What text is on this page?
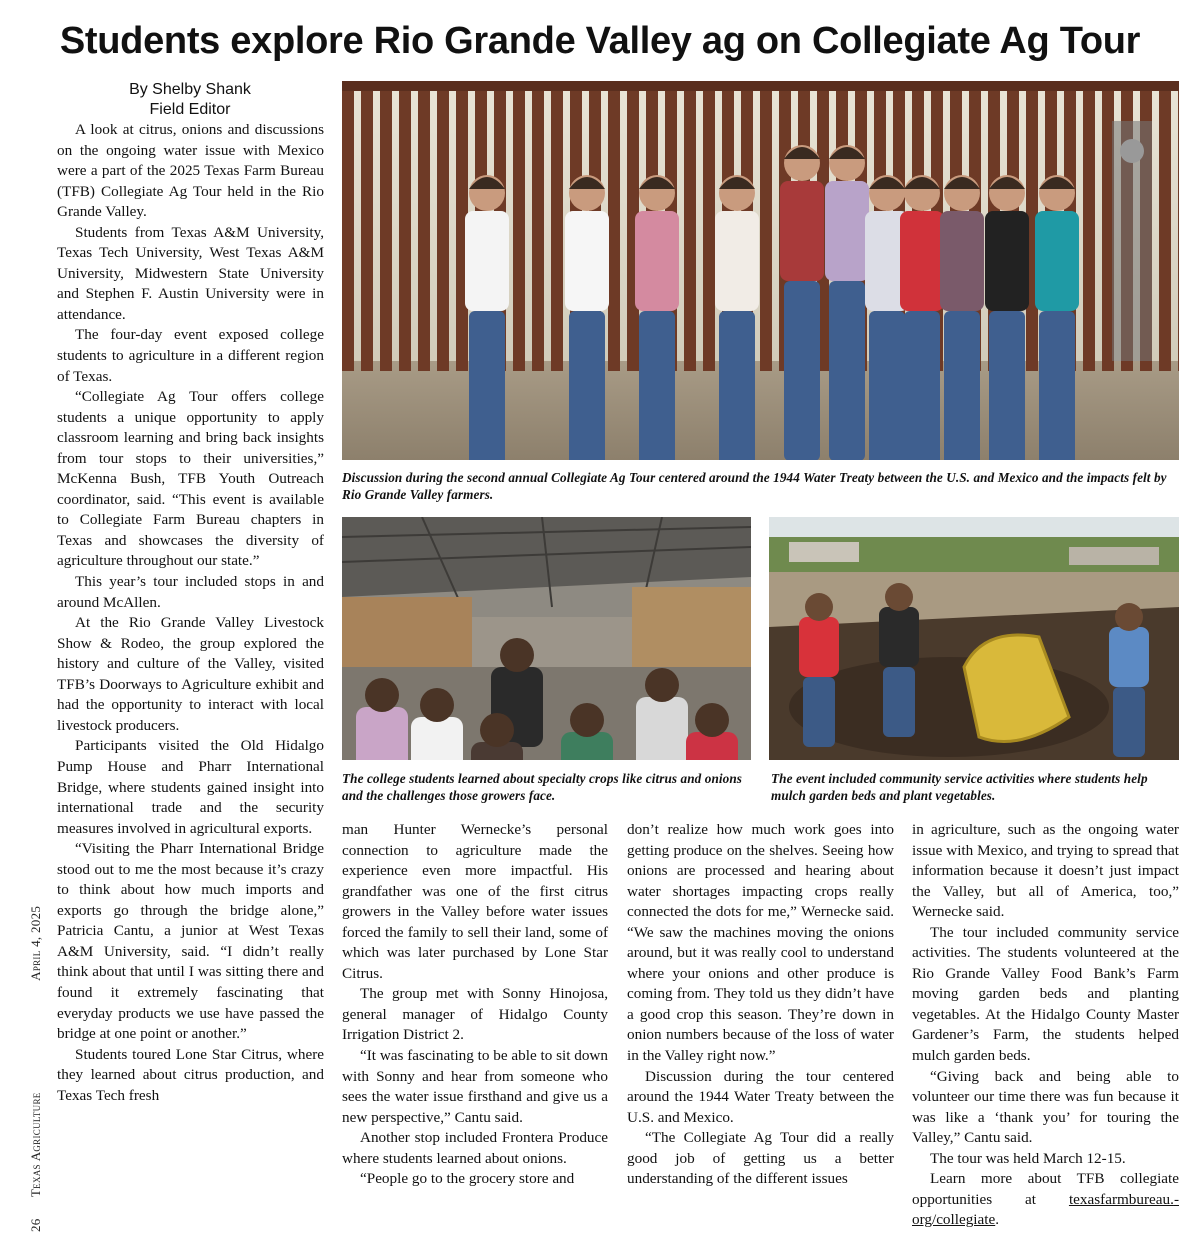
Students explore Rio Grande Valley ag on Collegiate Ag Tour
By Shelby Shank
Field Editor
26      Texas Agriculture April 4, 2025

A look at citrus, onions and discussions on the ongoing water issue with Mexico were a part of the 2025 Texas Farm Bureau (TFB) Collegiate Ag Tour held in the Rio Grande Valley.

Students from Texas A&M University, Texas Tech University, West Texas A&M University, Midwestern State University and Stephen F. Austin University were in attendance.

The four-day event exposed college students to agriculture in a different region of Texas.

“Collegiate Ag Tour offers college students a unique opportunity to apply classroom learning and bring back insights from tour stops to their universities,” McKenna Bush, TFB Youth Outreach coordinator, said. “This event is available to Collegiate Farm Bureau chapters in Texas and showcases the diversity of agriculture throughout our state.”

This year’s tour included stops in and around McAllen.

At the Rio Grande Valley Livestock Show & Rodeo, the group explored the history and culture of the Valley, visited TFB’s Doorways to Agriculture exhibit and had the opportunity to interact with local livestock producers.

Participants visited the Old Hidalgo Pump House and Pharr International Bridge, where students gained insight into international trade and the security measures involved in agricultural exports.

“Visiting the Pharr International Bridge stood out to me the most because it’s crazy to think about how much imports and exports go through the bridge alone,” Patricia Cantu, a junior at West Texas A&M University, said. “I didn’t really think about that until I was sitting there and found it extremely fascinating that everyday products we use have passed the bridge at one point or another.”

Students toured Lone Star Citrus, where they learned about citrus production, and Texas Tech fresh

man Hunter Wernecke’s personal connection to agriculture made the experience even more impactful. His grandfather was one of the first citrus growers in the Valley before water issues forced the family to sell their land, some of which was later purchased by Lone Star Citrus.

The group met with Sonny Hinojosa, general manager of Hidalgo County Irrigation District 2.

“It was fascinating to be able to sit down with Sonny and hear from someone who sees the water issue firsthand and give us a new perspective,” Cantu said.

Another stop included Frontera Produce where students learned about onions.

“People go to the grocery store and

don’t realize how much work goes into getting produce on the shelves. Seeing how onions are processed and hearing about water shortages impacting crops really connected the dots for me,” Wernecke said. “We saw the machines moving the onions around, but it was really cool to understand where your onions and other produce is coming from. They told us they didn’t have a good crop this season. They’re down in onion numbers because of the loss of water in the Valley right now.”

Discussion during the tour centered around the 1944 Water Treaty between the U.S. and Mexico.

“The Collegiate Ag Tour did a really good job of getting us a better understanding of the different issues

in agriculture, such as the ongoing water issue with Mexico, and trying to spread that information because it doesn’t just impact the Valley, but all of America, too,” Wernecke said.

The tour included community service activities. The students volunteered at the Rio Grande Valley Food Bank’s Farm moving garden beds and planting vegetables. At the Hidalgo County Master Gardener’s Farm, the students helped mulch garden beds.

“Giving back and being able to volunteer our time there was fun because it was like a ‘thank you’ for touring the Valley,” Cantu said.

The tour was held March 12-15.

Learn more about TFB collegiate opportunities at texasfarmbureau.org/collegiate.

Discussion during the second annual Collegiate Ag Tour centered around the 1944 Water Treaty between the U.S. and Mexico and the impacts felt by Rio Grande Valley farmers.
The college students learned about specialty crops like citrus and onions and the challenges those growers face.
The event included community service activities where students help mulch garden beds and plant vegetables.
